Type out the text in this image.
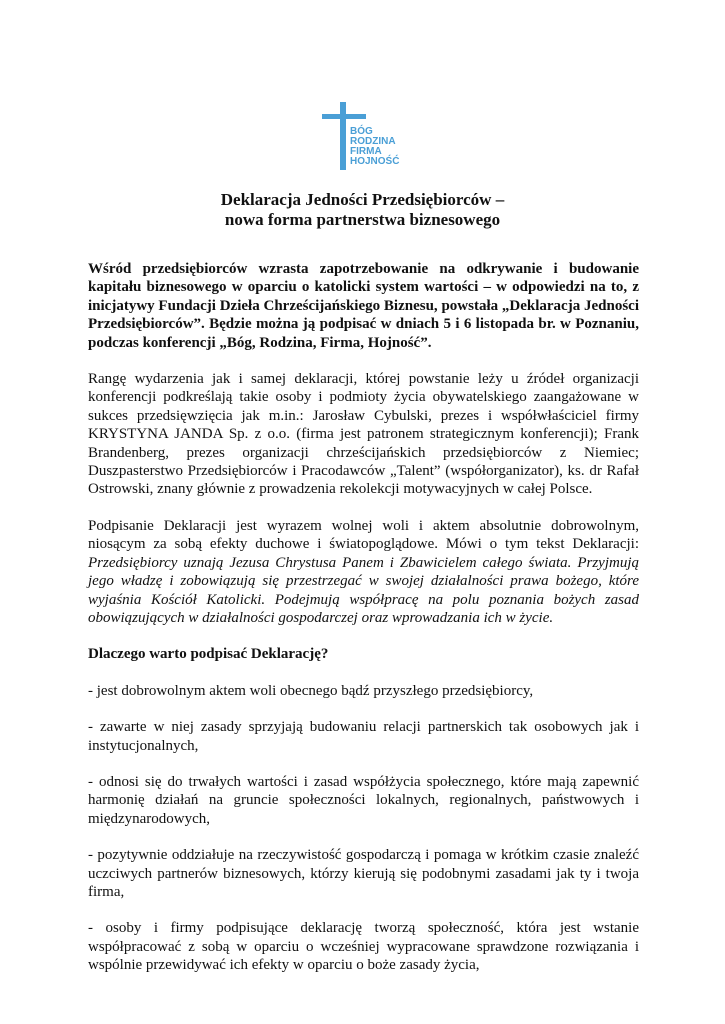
BÓG
RODZINA
FIRMA
HOJNOŚĆ
Deklaracja Jedności Przedsiębiorców –
nowa forma partnerstwa biznesowego

Wśród przedsiębiorców wzrasta zapotrzebowanie na odkrywanie i budowanie kapitału biznesowego w oparciu o katolicki system wartości – w odpowiedzi na to, z inicjatywy Fundacji Dzieła Chrześcijańskiego Biznesu, powstała „Deklaracja Jedności Przedsiębiorców”. Będzie można ją podpisać w dniach 5 i 6 listopada br. w Poznaniu, podczas konferencji „Bóg, Rodzina, Firma, Hojność”.

Rangę wydarzenia jak i samej deklaracji, której powstanie leży u źródeł organizacji konferencji podkreślają takie osoby i podmioty życia obywatelskiego zaangażowane w sukces przedsięwzięcia jak m.in.: Jarosław Cybulski, prezes i współwłaściciel firmy KRYSTYNA JANDA Sp. z o.o. (firma jest patronem strategicznym konferencji); Frank Brandenberg, prezes organizacji chrześcijańskich przedsiębiorców z Niemiec; Duszpasterstwo Przedsiębiorców i Pracodawców „Talent” (współorganizator), ks. dr Rafał Ostrowski, znany głównie z prowadzenia rekolekcji motywacyjnych w całej Polsce.

Podpisanie Deklaracji jest wyrazem wolnej woli i aktem absolutnie dobrowolnym, niosącym za sobą efekty duchowe i światopoglądowe. Mówi o tym tekst Deklaracji: Przedsiębiorcy uznają Jezusa Chrystusa Panem i Zbawicielem całego świata. Przyjmują jego władzę i zobowiązują się przestrzegać w swojej działalności prawa bożego, które wyjaśnia Kościół Katolicki. Podejmują współpracę na polu poznania bożych zasad obowiązujących w działalności gospodarczej oraz wprowadzania ich w życie.

Dlaczego warto podpisać Deklarację?

- jest dobrowolnym aktem woli obecnego bądź przyszłego przedsiębiorcy,

- zawarte w niej zasady sprzyjają budowaniu relacji partnerskich tak osobowych jak i instytucjonalnych,

- odnosi się do trwałych wartości i zasad współżycia społecznego, które mają zapewnić harmonię działań na gruncie społeczności lokalnych, regionalnych, państwowych i międzynarodowych,

- pozytywnie oddziałuje na rzeczywistość gospodarczą i pomaga w krótkim czasie znaleźć uczciwych partnerów biznesowych, którzy kierują się podobnymi zasadami jak ty i twoja firma,

- osoby i firmy podpisujące deklarację tworzą społeczność, która jest wstanie współpracować z sobą w oparciu o wcześniej wypracowane sprawdzone rozwiązania i wspólnie przewidywać ich efekty w oparciu o boże zasady życia,
